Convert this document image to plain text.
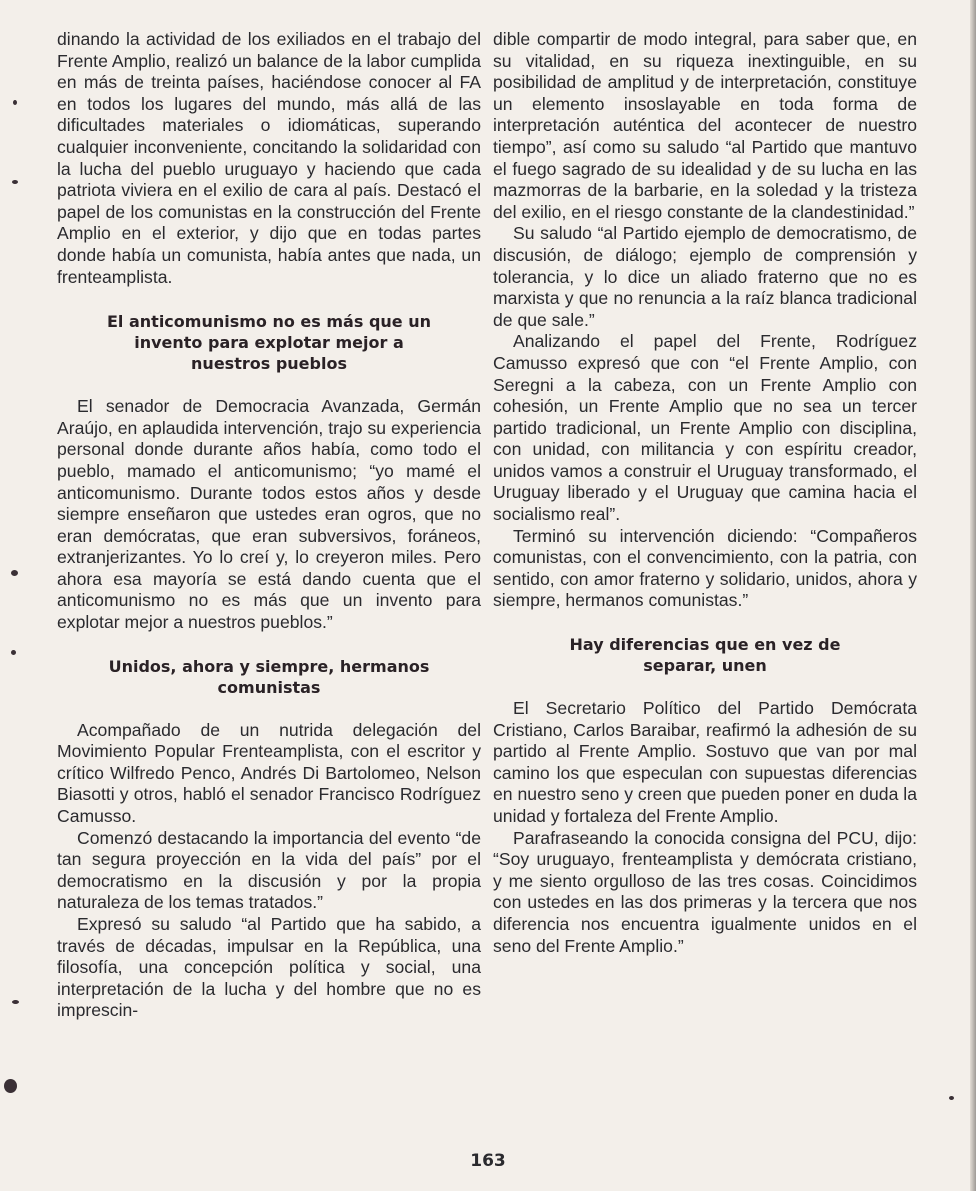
dinando la actividad de los exiliados en el trabajo del Frente Amplio, realizó un balance de la labor cumplida en más de treinta países, haciéndose conocer al FA en todos los lugares del mundo, más allá de las dificultades materiales o idiomáticas, superando cualquier inconveniente, concitando la solidaridad con la lucha del pueblo uruguayo y haciendo que cada patriota viviera en el exilio de cara al país. Destacó el papel de los comunistas en la construcción del Frente Amplio en el exterior, y dijo que en todas partes donde había un comunista, había antes que nada, un frenteamplista.

El anticomunismo no es más que un invento para explotar mejor a nuestros pueblos

El senador de Democracia Avanzada, Germán Araújo, en aplaudida intervención, trajo su experiencia personal donde durante años había, como todo el pueblo, mamado el anticomunismo; “yo mamé el anticomunismo. Durante todos estos años y desde siempre enseñaron que ustedes eran ogros, que no eran demócratas, que eran subversivos, foráneos, extranjerizantes. Yo lo creí y, lo creyeron miles. Pero ahora esa mayoría se está dando cuenta que el anticomunismo no es más que un invento para explotar mejor a nuestros pueblos.”

Unidos, ahora y siempre, hermanos comunistas

Acompañado de un nutrida delegación del Movimiento Popular Frenteamplista, con el escritor y crítico Wilfredo Penco, Andrés Di Bartolomeo, Nelson Biasotti y otros, habló el senador Francisco Rodríguez Camusso.

Comenzó destacando la importancia del evento “de tan segura proyección en la vida del país” por el democratismo en la discusión y por la propia naturaleza de los temas tratados.”

Expresó su saludo “al Partido que ha sabido, a través de décadas, impulsar en la República, una filosofía, una concepción política y social, una interpretación de la lucha y del hombre que no es imprescin-

dible compartir de modo integral, para saber que, en su vitalidad, en su riqueza inextinguible, en su posibilidad de amplitud y de interpretación, constituye un elemento insoslayable en toda forma de interpretación auténtica del acontecer de nuestro tiempo”, así como su saludo “al Partido que mantuvo el fuego sagrado de su idealidad y de su lucha en las mazmorras de la barbarie, en la soledad y la tristeza del exilio, en el riesgo constante de la clandestinidad.”

Su saludo “al Partido ejemplo de democratismo, de discusión, de diálogo; ejemplo de comprensión y tolerancia, y lo dice un aliado fraterno que no es marxista y que no renuncia a la raíz blanca tradicional de que sale.”

Analizando el papel del Frente, Rodríguez Camusso expresó que con “el Frente Amplio, con Seregni a la cabeza, con un Frente Amplio con cohesión, un Frente Amplio que no sea un tercer partido tradicional, un Frente Amplio con disciplina, con unidad, con militancia y con espíritu creador, unidos vamos a construir el Uruguay transformado, el Uruguay liberado y el Uruguay que camina hacia el socialismo real”.

Terminó su intervención diciendo: “Compañeros comunistas, con el convencimiento, con la patria, con sentido, con amor fraterno y solidario, unidos, ahora y siempre, hermanos comunistas.”

Hay diferencias que en vez de separar, unen

El Secretario Político del Partido Demócrata Cristiano, Carlos Baraibar, reafirmó la adhesión de su partido al Frente Amplio. Sostuvo que van por mal camino los que especulan con supuestas diferencias en nuestro seno y creen que pueden poner en duda la unidad y fortaleza del Frente Amplio.

Parafraseando la conocida consigna del PCU, dijo: “Soy uruguayo, frenteamplista y demócrata cristiano, y me siento orgulloso de las tres cosas. Coincidimos con ustedes en las dos primeras y la tercera que nos diferencia nos encuentra igualmente unidos en el seno del Frente Amplio.”

163
